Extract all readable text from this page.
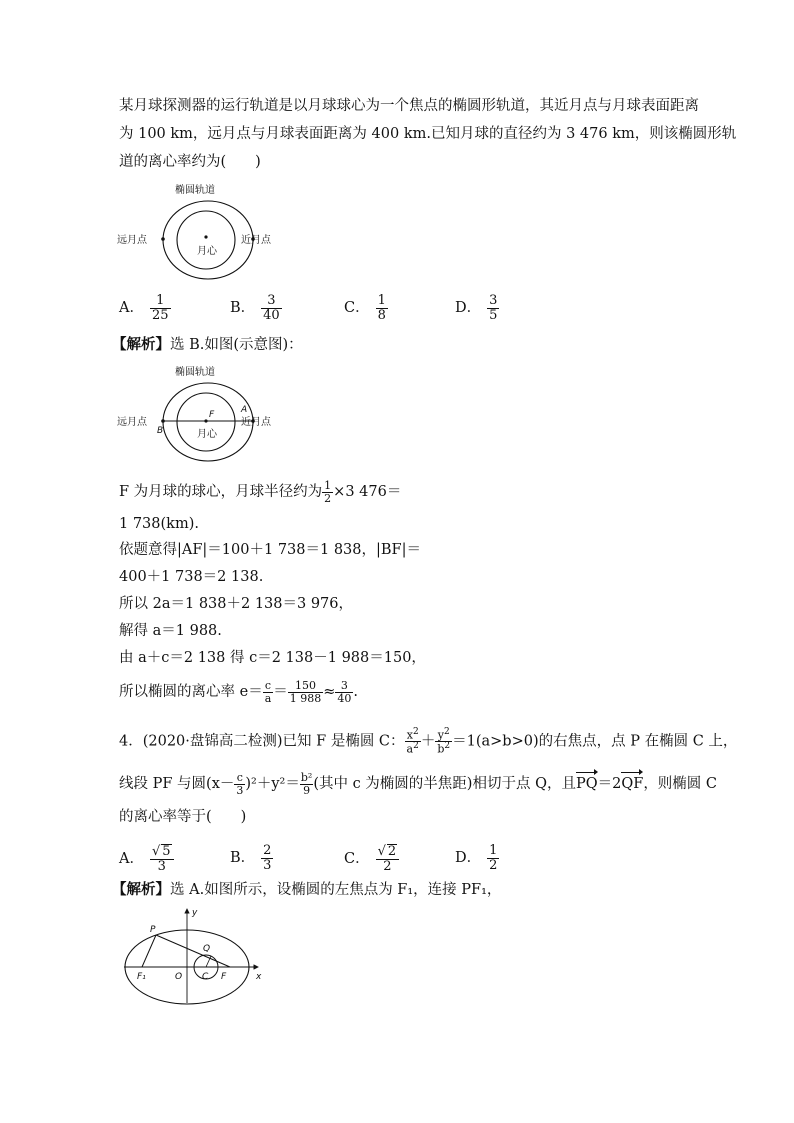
某月球探测器的运行轨道是以月球球心为一个焦点的椭圆形轨道，其近月点与月球表面距离
为 100 km，远月点与月球表面距离为 400 km.已知月球的直径约为 3 476 km，则该椭圆形轨
道的离心率约为(　　)
椭圆轨道
远月点	近月点
月心
A． $\frac{1}{25}$	B． $\frac{3}{40}$	C． $\frac{1}{8}$	D． $\frac{3}{5}$
【解析】选 B.如图(示意图)：
椭圆轨道
远月点	近月点
月心
F	A
B
F 为月球的球心，月球半径约为 $\frac{1}{2} \times 3$ 476＝
1 738(km).
依题意得|AF|＝100＋1 738＝1 838，|BF|＝
400＋1 738＝2 138.
所以 2a＝1 838＋2 138＝3 976，
解得 a＝1 988.
由 a＋c＝2 138 得 c＝2 138－1 988＝150，
所以椭圆的离心率 $e= \frac{c}{a} = \frac{150}{1 988} \approx \frac{3}{40}$ .
4．(2020·盘锦高二检测)已知 F 是椭圆 C： $\frac{x^2}{a^2} + \frac{y^2}{b^2} =1(a>b>0)$的右焦点，点 P 在椭圆 C 上，
线段 PF 与圆$(x- \frac{c}{3} )^2+y^2= \frac{\text{b²}}{9}$ (其中 c 为椭圆的半焦距)相切于点 Q，且PQ＝2QF，则椭圆 C
的离心率等于(　　)
A． $\frac{√ 5}{3}$	B． $\frac{2}{3}$	C． $\frac{√ 2}{2}$	D． $\frac{1}{2}$
【解析】选 A.如图所示，设椭圆的左焦点为 F₁，连接 PF₁，
y
x
P
Q
O C F
F₁
